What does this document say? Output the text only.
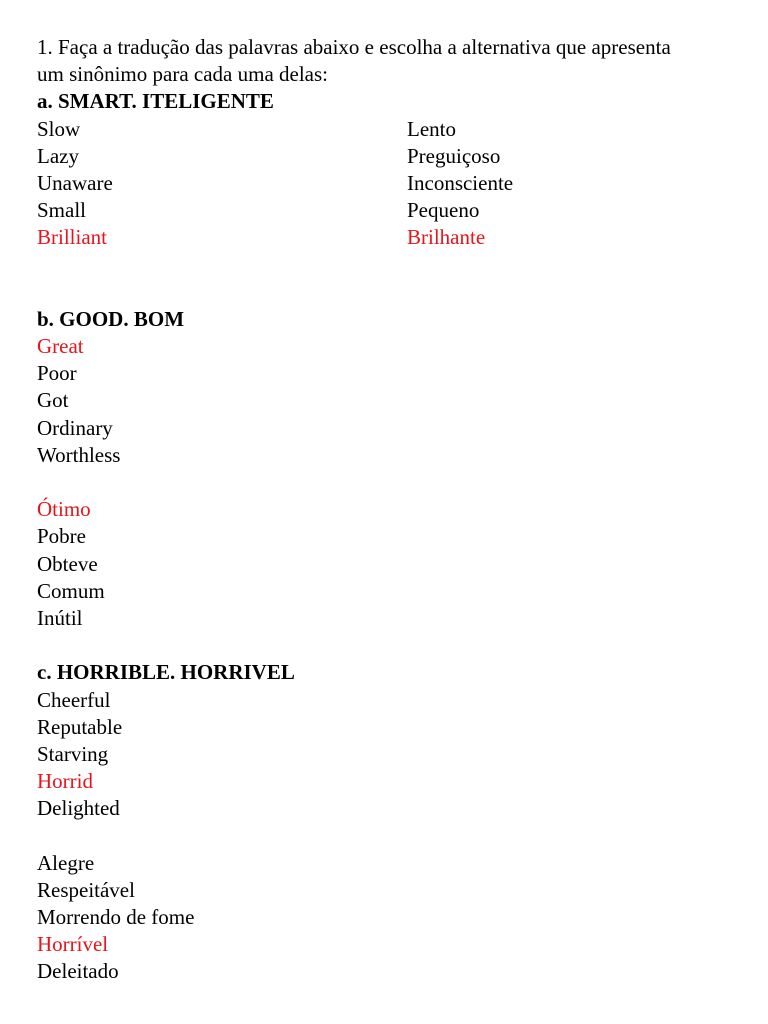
1. Faça a tradução das palavras abaixo e escolha a alternativa que apresenta
um sinônimo para cada uma delas:
a. SMART. ITELIGENTE
Slow	Lento
Lazy	Preguiçoso
Unaware	Inconsciente
Small	Pequeno
Brilliant	Brilhante
b. GOOD. BOM
Great
Poor
Got
Ordinary
Worthless
Ótimo
Pobre
Obteve
Comum
Inútil
c. HORRIBLE. HORRIVEL
Cheerful
Reputable
Starving
Horrid
Delighted
Alegre
Respeitável
Morrendo de fome
Horrível
Deleitado
